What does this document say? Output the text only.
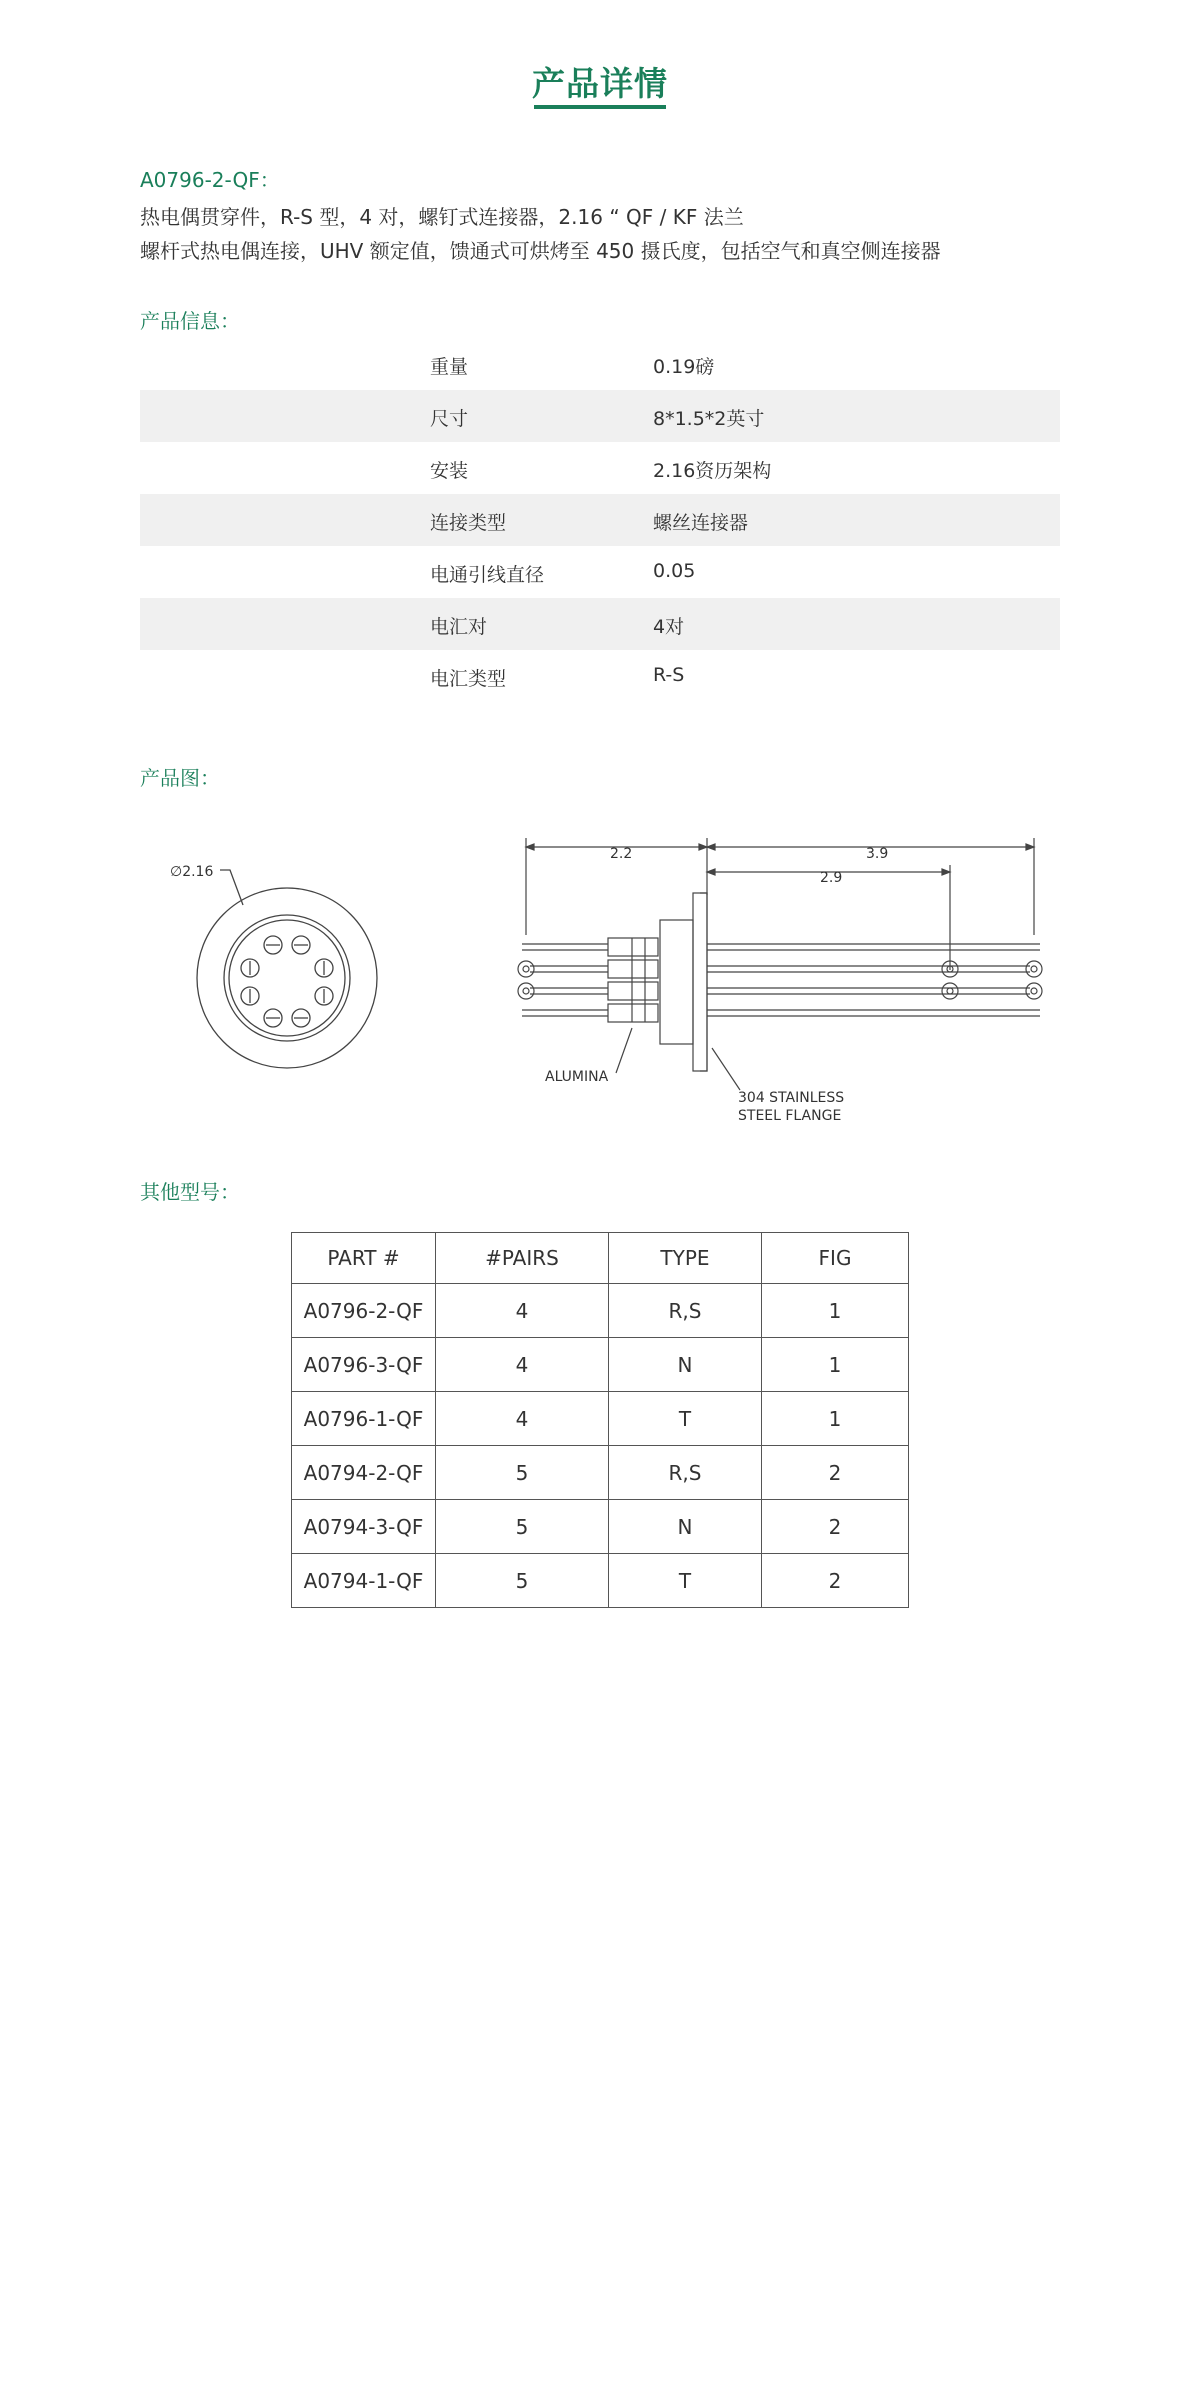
产品详情
A0796-2-QF：
热电偶贯穿件，R-S 型，4 对，螺钉式连接器，2.16 “ QF / KF 法兰
螺杆式热电偶连接，UHV 额定值，馈通式可烘烤至 450 摄氏度，包括空气和真空侧连接器
产品信息：
重量	0.19磅
尺寸	8*1.5*2英寸
安装	2.16资历架构
连接类型	螺丝连接器
电通引线直径	0.05
电汇对	4对
电汇类型	R-S
产品图：
∅2.16
2.2	3.9
2.9
ALUMINA
304 STAINLESS
STEEL FLANGE
其他型号：
PART #	#PAIRS	TYPE	FIG
A0796-2-QF	4	R,S	1
A0796-3-QF	4	N	1
A0796-1-QF	4	T	1
A0794-2-QF	5	R,S	2
A0794-3-QF	5	N	2
A0794-1-QF	5	T	2
